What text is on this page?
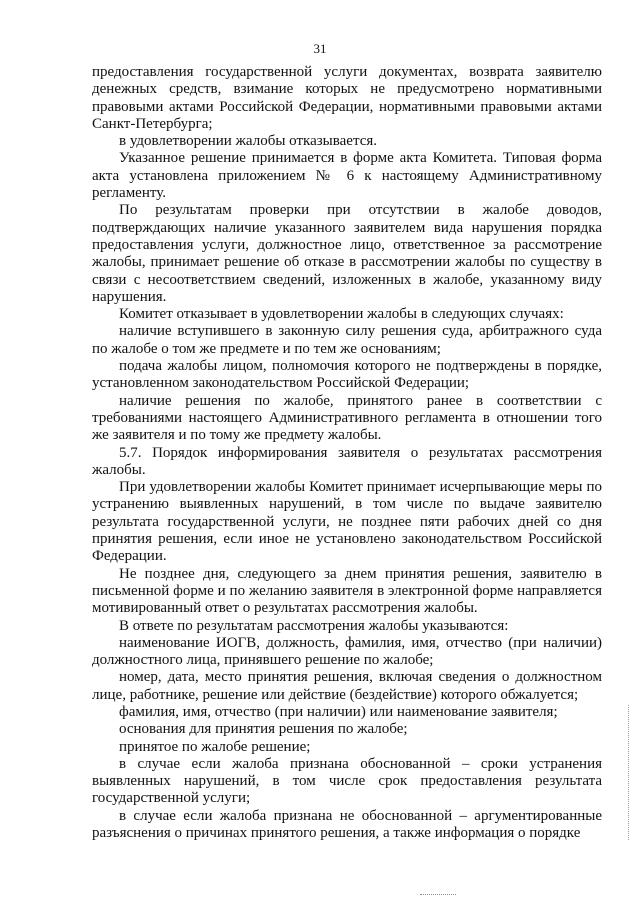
31

предоставления государственной услуги документах, возврата заявителю денежных средств, взимание которых не предусмотрено нормативными правовыми актами Российской Федерации, нормативными правовыми актами Санкт-Петербурга;

в удовлетворении жалобы отказывается.

Указанное решение принимается в форме акта Комитета. Типовая форма акта установлена приложением № 6 к настоящему Административному регламенту.

По результатам проверки при отсутствии в жалобе доводов, подтверждающих наличие указанного заявителем вида нарушения порядка предоставления услуги, должностное лицо, ответственное за рассмотрение жалобы, принимает решение об отказе в рассмотрении жалобы по существу в связи с несоответствием сведений, изложенных в жалобе, указанному виду нарушения.

Комитет отказывает в удовлетворении жалобы в следующих случаях:

наличие вступившего в законную силу решения суда, арбитражного суда по жалобе о том же предмете и по тем же основаниям;

подача жалобы лицом, полномочия которого не подтверждены в порядке, установленном законодательством Российской Федерации;

наличие решения по жалобе, принятого ранее в соответствии с требованиями настоящего Административного регламента в отношении того же заявителя и по тому же предмету жалобы.

5.7. Порядок информирования заявителя о результатах рассмотрения жалобы.

При удовлетворении жалобы Комитет принимает исчерпывающие меры по устранению выявленных нарушений, в том числе по выдаче заявителю результата государственной услуги, не позднее пяти рабочих дней со дня принятия решения, если иное не установлено законодательством Российской Федерации.

Не позднее дня, следующего за днем принятия решения, заявителю в письменной форме и по желанию заявителя в электронной форме направляется мотивированный ответ о результатах рассмотрения жалобы.

В ответе по результатам рассмотрения жалобы указываются:

наименование ИОГВ, должность, фамилия, имя, отчество (при наличии) должностного лица, принявшего решение по жалобе;

номер, дата, место принятия решения, включая сведения о должностном лице, работнике, решение или действие (бездействие) которого обжалуется;

фамилия, имя, отчество (при наличии) или наименование заявителя;

основания для принятия решения по жалобе;

принятое по жалобе решение;

в случае если жалоба признана обоснованной – сроки устранения выявленных нарушений, в том числе срок предоставления результата государственной услуги;

в случае если жалоба признана не обоснованной – аргументированные разъяснения о причинах принятого решения, а также информация о порядке
